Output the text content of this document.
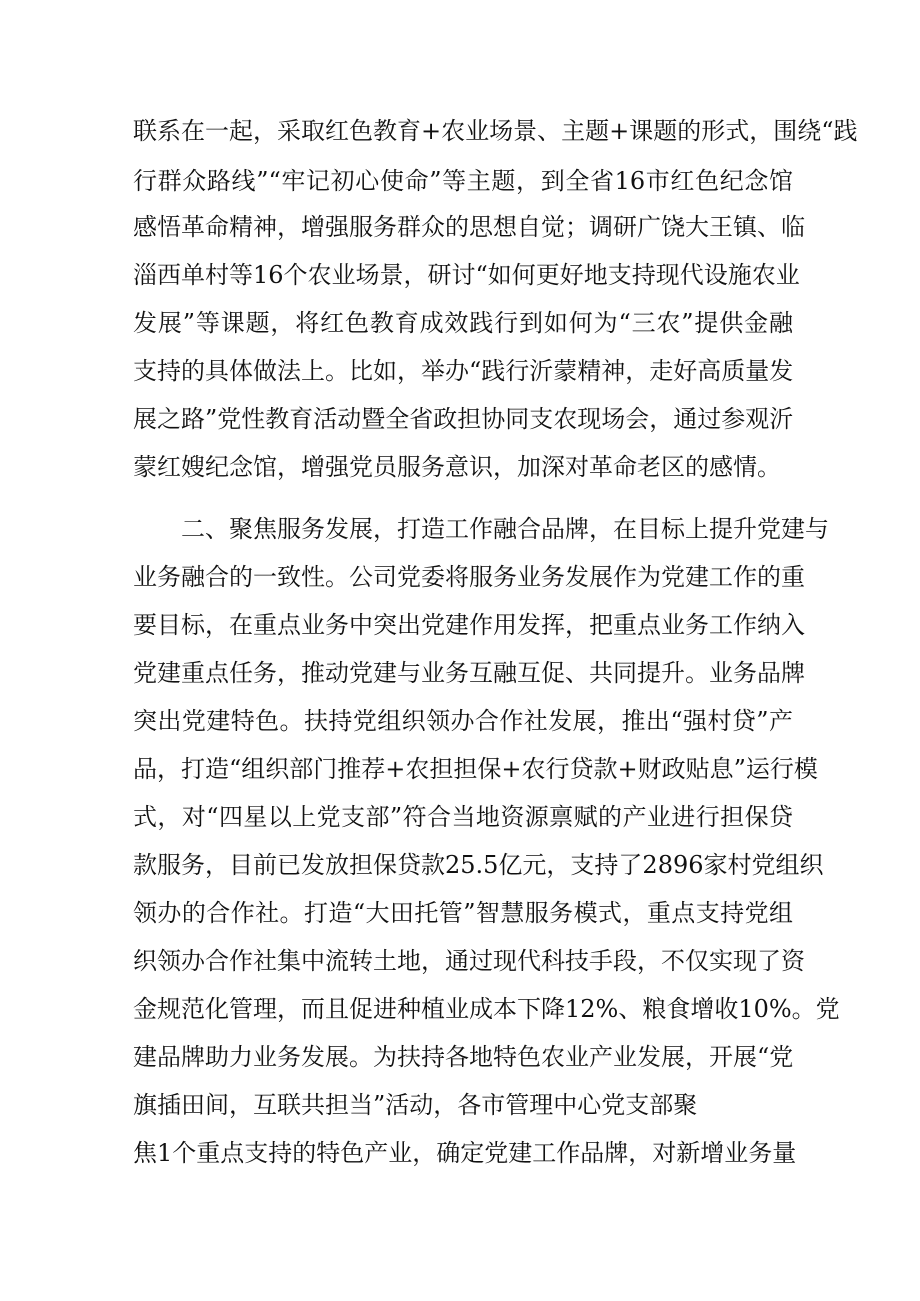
联系在一起，采取红色教育+农业场景、主题+课题的形式，围绕“践
行群众路线”“牢记初心使命”等主题，到全省16市红色纪念馆
感悟革命精神，增强服务群众的思想自觉；调研广饶大王镇、临
淄西单村等16个农业场景，研讨“如何更好地支持现代设施农业
发展”等课题，将红色教育成效践行到如何为“三农”提供金融
支持的具体做法上。比如，举办“践行沂蒙精神，走好高质量发
展之路”党性教育活动暨全省政担协同支农现场会，通过参观沂
蒙红嫂纪念馆，增强党员服务意识，加深对革命老区的感情。
二、聚焦服务发展，打造工作融合品牌，在目标上提升党建与
业务融合的一致性。公司党委将服务业务发展作为党建工作的重
要目标，在重点业务中突出党建作用发挥，把重点业务工作纳入
党建重点任务，推动党建与业务互融互促、共同提升。业务品牌
突出党建特色。扶持党组织领办合作社发展，推出“强村贷”产
品，打造“组织部门推荐+农担担保+农行贷款+财政贴息”运行模
式，对“四星以上党支部”符合当地资源禀赋的产业进行担保贷
款服务，目前已发放担保贷款25.5亿元，支持了2896家村党组织
领办的合作社。打造“大田托管”智慧服务模式，重点支持党组
织领办合作社集中流转土地，通过现代科技手段，不仅实现了资
金规范化管理，而且促进种植业成本下降12%、粮食增收10%。党
建品牌助力业务发展。为扶持各地特色农业产业发展，开展“党
旗插田间，互联共担当”活动，各市管理中心党支部聚
焦1个重点支持的特色产业，确定党建工作品牌，对新增业务量
